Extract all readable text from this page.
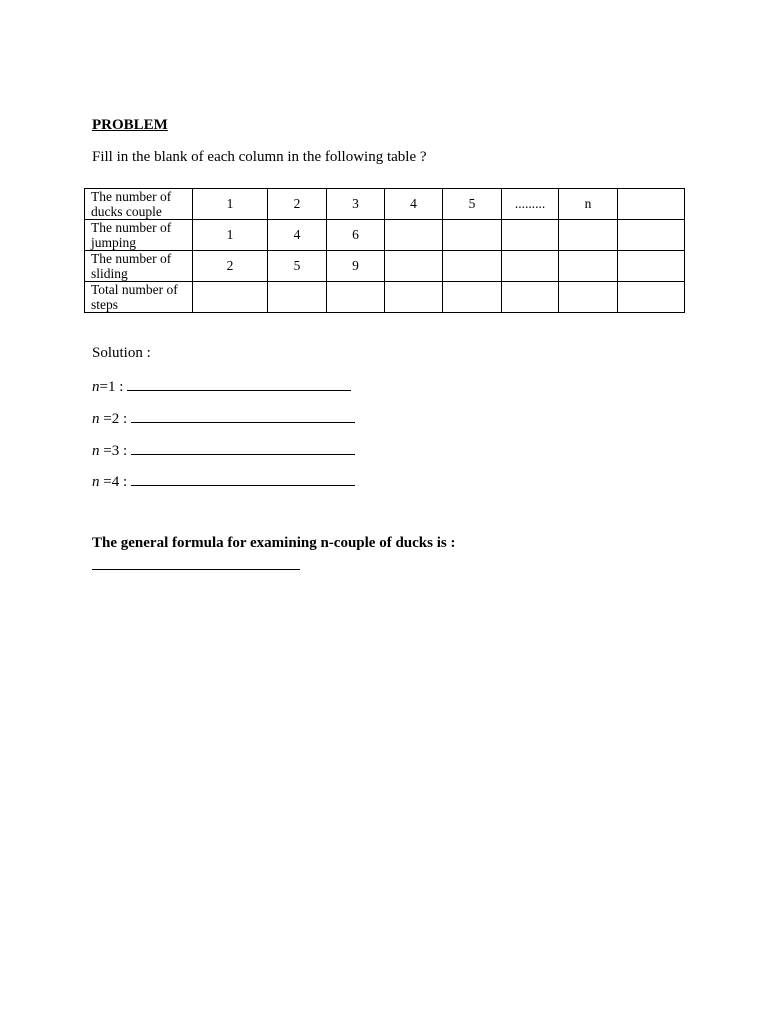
PROBLEM
Fill in the blank of each column in the following table ?
The number of ducks couple	1	2	3	4	5	.........	n	
The number of jumping	1	4	6					
The number of sliding	2	5	9					
Total number of steps								
Solution :
n=1 :
n =2 :
n =3 :
n =4 :
The general formula for examining n-couple of ducks is :
